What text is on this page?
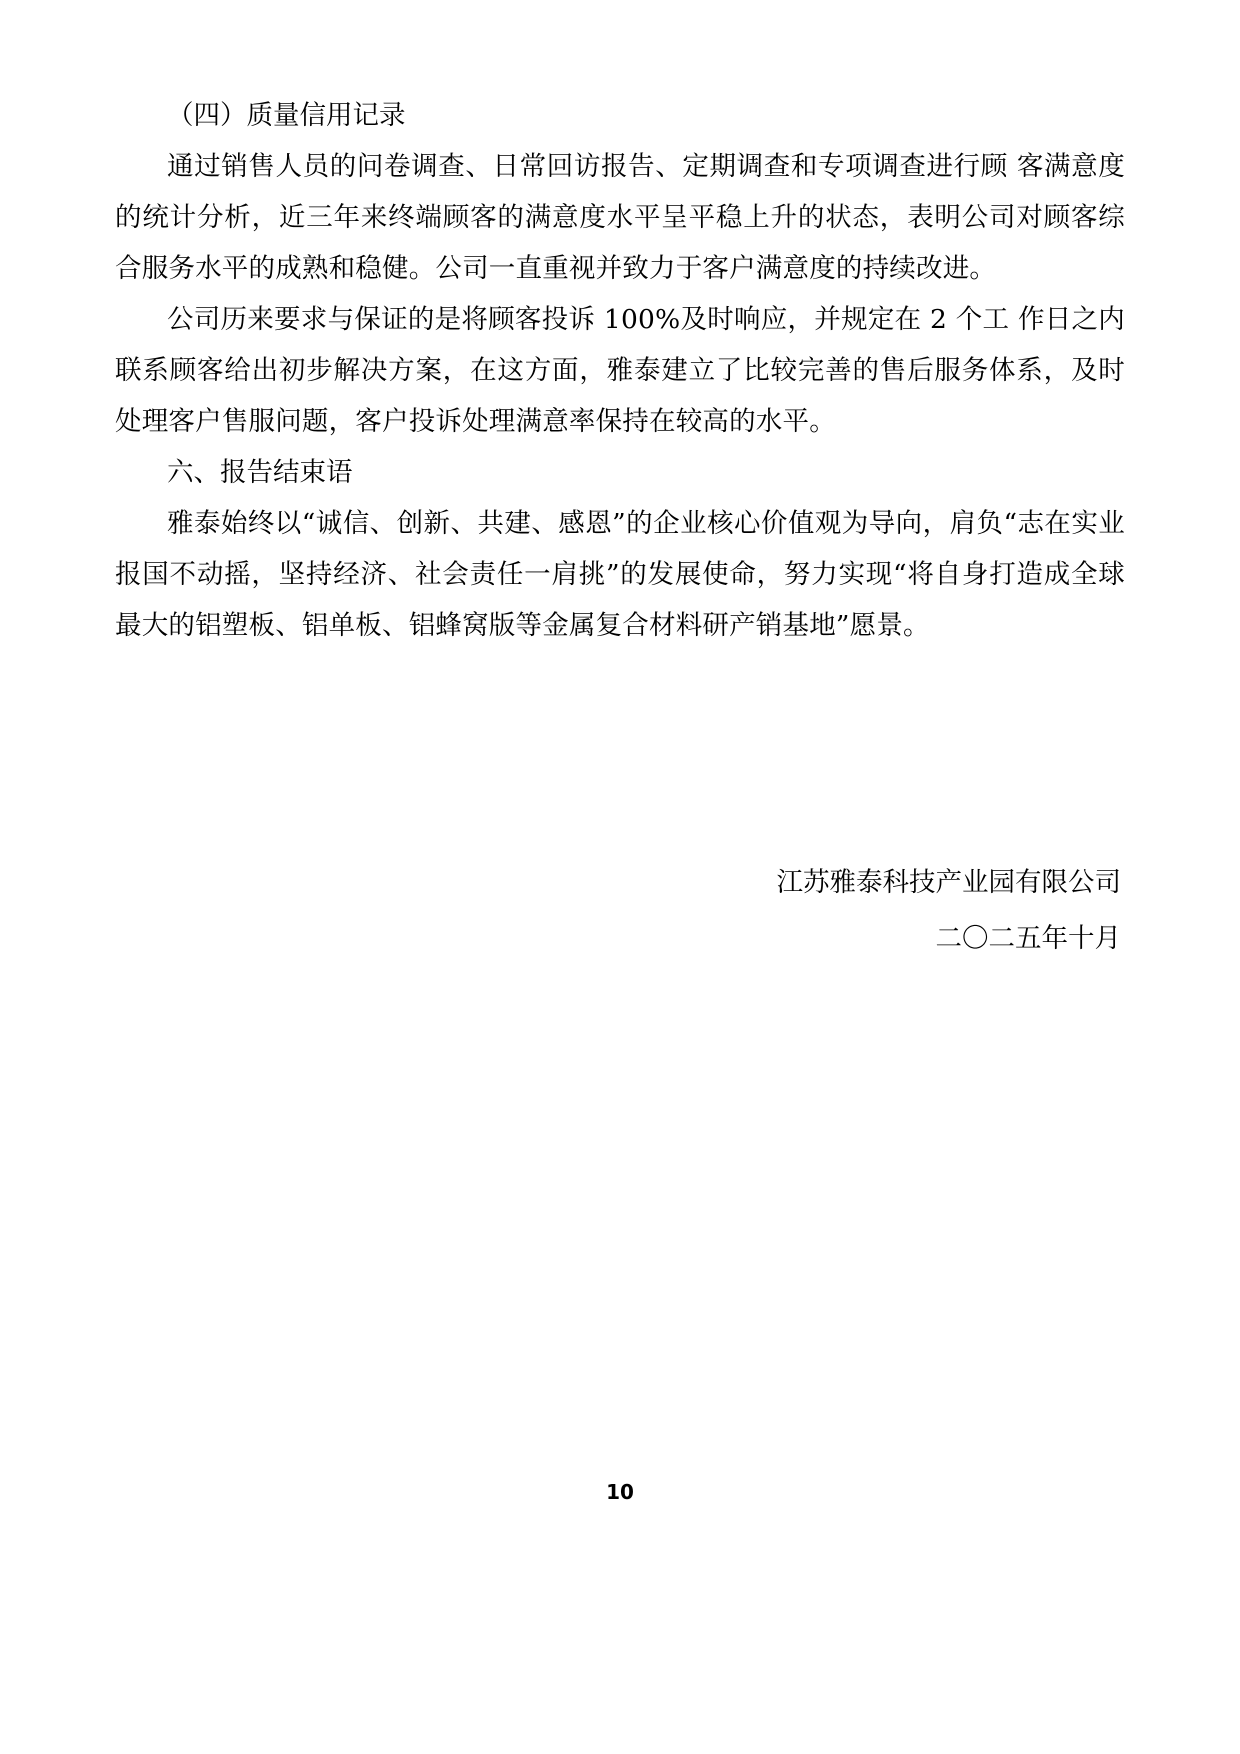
（四）质量信用记录

通过销售人员的问卷调查、日常回访报告、定期调查和专项调查进行顾 客满意度的统计分析，近三年来终端顾客的满意度水平呈平稳上升的状态，表明公司对顾客综合服务水平的成熟和稳健。公司一直重视并致力于客户满意度的持续改进。

公司历来要求与保证的是将顾客投诉 100%及时响应，并规定在 2 个工 作日之内联系顾客给出初步解决方案，在这方面，雅泰建立了比较完善的售后服务体系，及时处理客户售服问题，客户投诉处理满意率保持在较高的水平。

六、报告结束语

雅泰始终以“诚信、创新、共建、感恩”的企业核心价值观为导向，肩负“志在实业报国不动摇，坚持经济、社会责任一肩挑”的发展使命，努力实现“将自身打造成全球最大的铝塑板、铝单板、铝蜂窝版等金属复合材料研产销基地”愿景。

江苏雅泰科技产业园有限公司
二〇二五年十月
10
